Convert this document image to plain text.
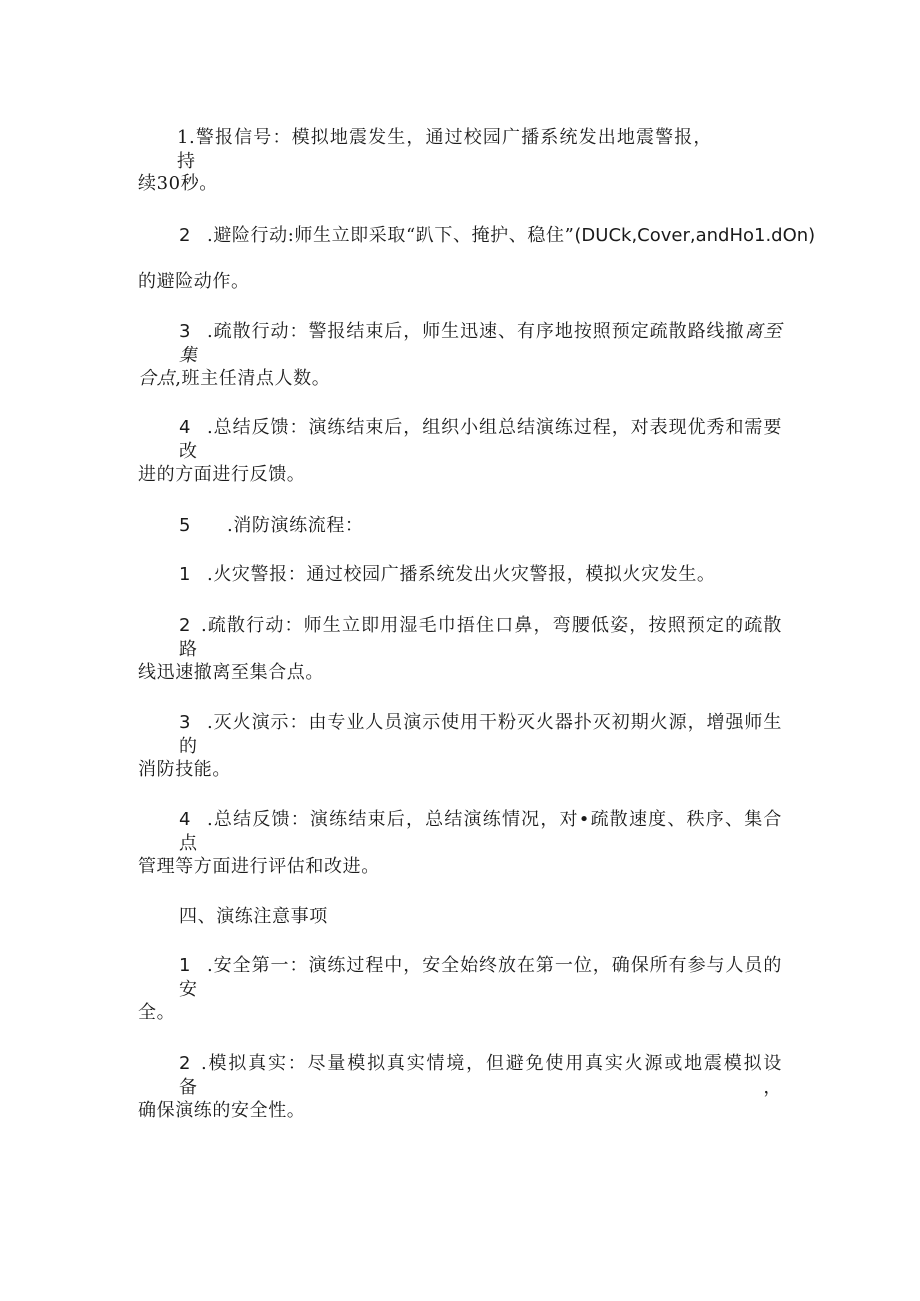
1.警报信号：模拟地震发生，通过校园广播系统发出地震警报，持
续30秒。
2 .避险行动:师生立即采取“趴下、掩护、稳住”(DUCk,Cover,andHo1.dOn)
的避险动作。
3 .疏散行动：警报结束后，师生迅速、有序地按照预定疏散路线撤离至集
合点,班主任清点人数。
4 .总结反馈：演练结束后，组织小组总结演练过程，对表现优秀和需要改
进的方面进行反馈。
5 .消防演练流程：
1 .火灾警报：通过校园广播系统发出火灾警报，模拟火灾发生。
2 .疏散行动：师生立即用湿毛巾捂住口鼻，弯腰低姿，按照预定的疏散路
线迅速撤离至集合点。
3 .灭火演示：由专业人员演示使用干粉灭火器扑灭初期火源，增强师生的
消防技能。
4 .总结反馈：演练结束后，总结演练情况，对•疏散速度、秩序、集合点
管理等方面进行评估和改进。
四、演练注意事项
1 .安全第一：演练过程中，安全始终放在第一位，确保所有参与人员的安
全。
2 .模拟真实：尽量模拟真实情境，但避免使用真实火源或地震模拟设备，
确保演练的安全性。
